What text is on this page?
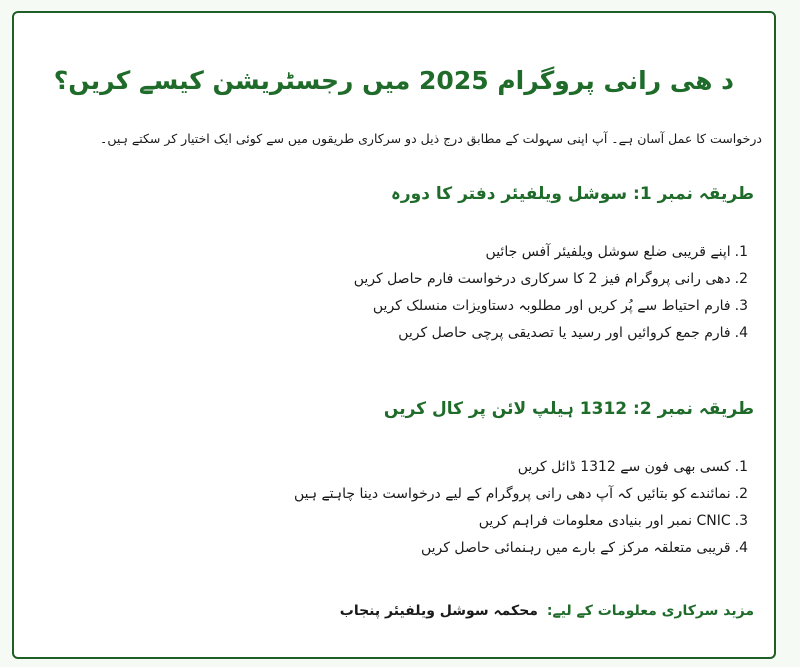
د ھی رانی پروگرام 2025 میں رجسٹریشن کیسے کریں؟

درخواست کا عمل آسان ہے۔ آپ اپنی سہولت کے مطابق درج ذیل دو سرکاری طریقوں میں سے کوئی ایک اختیار کر سکتے ہیں۔

طریقہ نمبر 1: سوشل ویلفیئر دفتر کا دورہ
1.اپنے قریبی ضلع سوشل ویلفیئر آفس جائیں
2.دھی رانی پروگرام فیز 2 کا سرکاری درخواست فارم حاصل کریں
3.فارم احتیاط سے پُر کریں اور مطلوبہ دستاویزات منسلک کریں
4.فارم جمع کروائیں اور رسید یا تصدیقی پرچی حاصل کریں
طریقہ نمبر 2: 1312 ہیلپ لائن پر کال کریں
1.کسی بھی فون سے 1312 ڈائل کریں
2.نمائندے کو بتائیں کہ آپ دھی رانی پروگرام کے لیے درخواست دینا چاہتے ہیں
3.CNIC نمبر اور بنیادی معلومات فراہم کریں
4.قریبی متعلقہ مرکز کے بارے میں رہنمائی حاصل کریں

مزید سرکاری معلومات کے لیے: محکمہ سوشل ویلفیئر پنجاب
